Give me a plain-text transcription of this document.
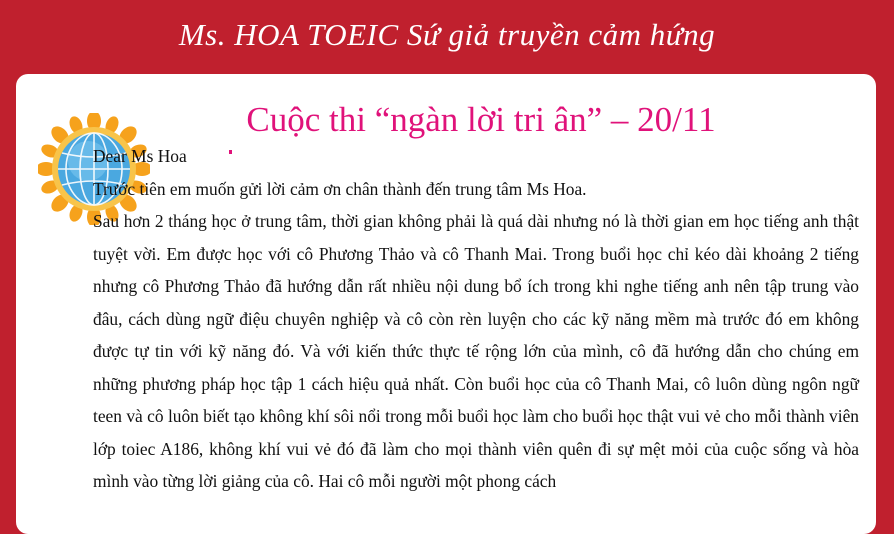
Ms. HOA TOEIC Sứ giả truyền cảm hứng
Cuộc thi “ngàn lời tri ân” – 20/11

Dear Ms Hoa

Trước tiên em muốn gửi lời cảm ơn chân thành đến trung tâm Ms Hoa.

Sau hơn 2 tháng học ở trung tâm, thời gian không phải là quá dài nhưng nó là thời gian em học tiếng anh thật tuyệt vời. Em được học với cô Phương Thảo và cô Thanh Mai. Trong buổi học chỉ kéo dài khoảng 2 tiếng nhưng cô Phương Thảo đã hướng dẫn rất nhiều nội dung bổ ích trong khi nghe tiếng anh nên tập trung vào đâu, cách dùng ngữ điệu chuyên nghiệp và cô còn rèn luyện cho các kỹ năng mềm mà trước đó em không được tự tin với kỹ năng đó. Và với kiến thức thực tế rộng lớn của mình, cô đã hướng dẫn cho chúng em những phương pháp học tập 1 cách hiệu quả nhất. Còn buổi học của cô Thanh Mai, cô luôn dùng ngôn ngữ teen và cô luôn biết tạo không khí sôi nổi trong mỗi buổi học làm cho buổi học thật vui vẻ cho mỗi thành viên lớp toiec A186, không khí vui vẻ đó đã làm cho mọi thành viên quên đi sự mệt mỏi của cuộc sống và hòa mình vào từng lời giảng của cô. Hai cô mỗi người một phong cách
